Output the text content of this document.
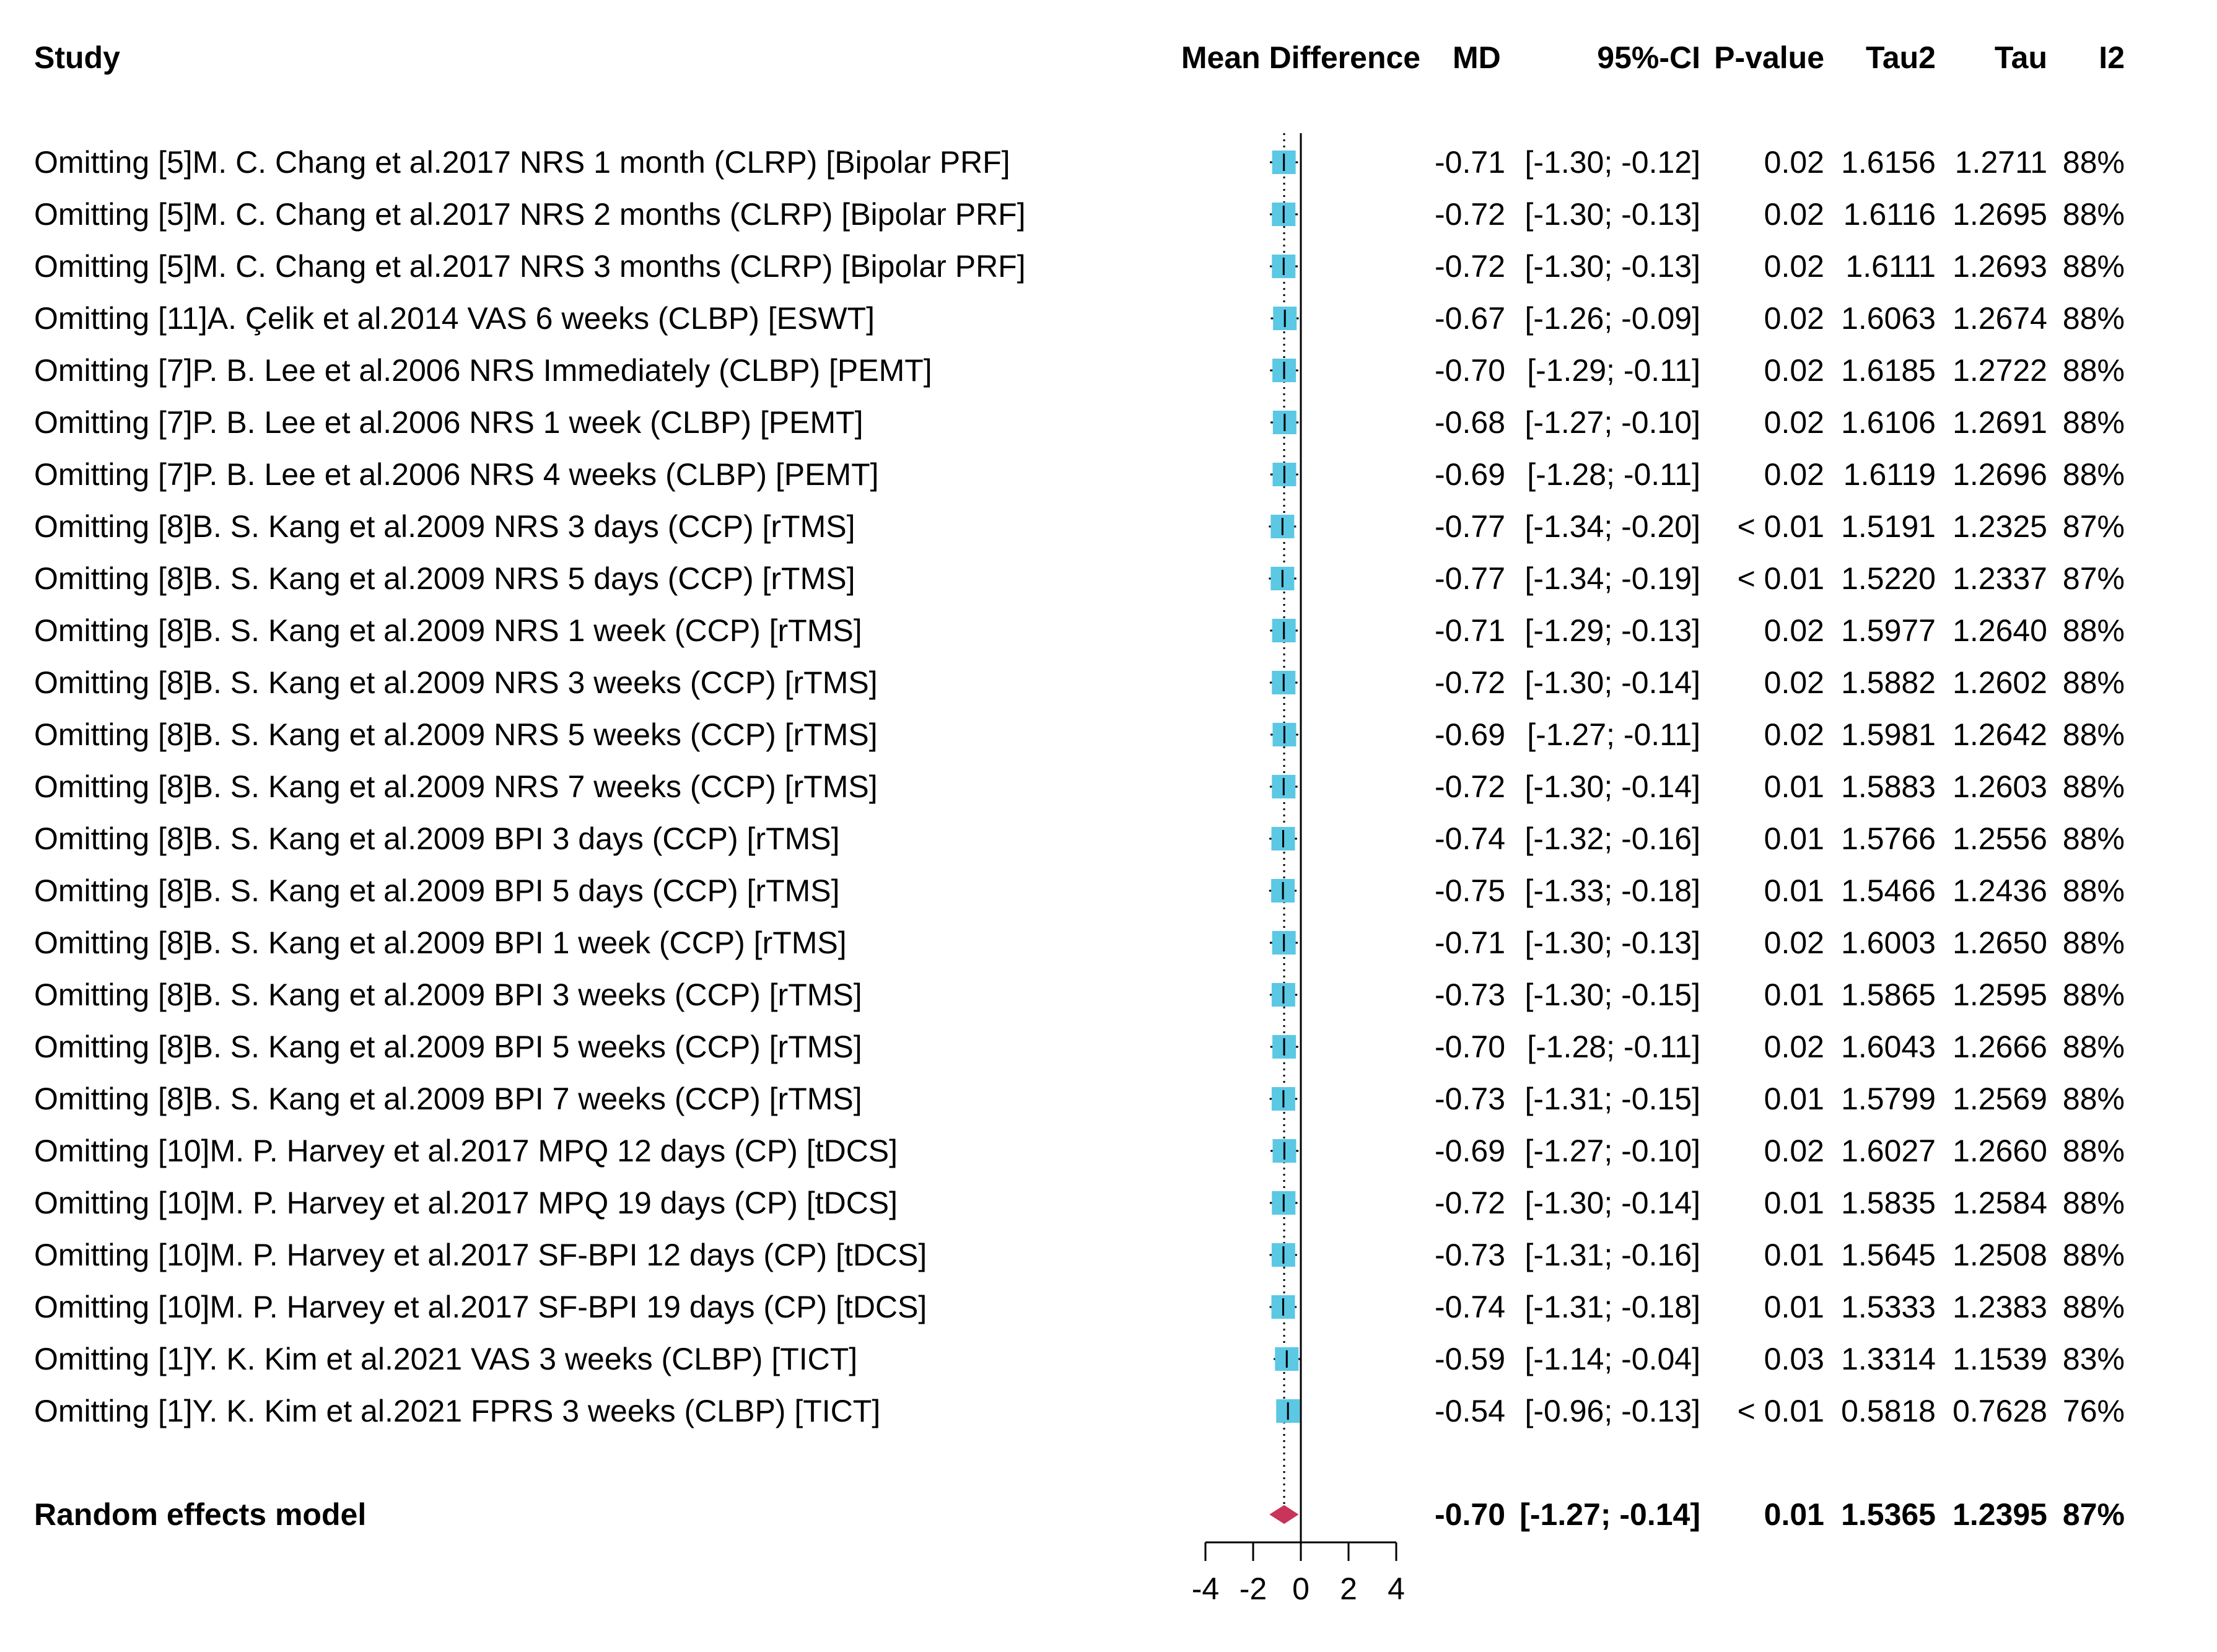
Study	Mean Difference MD	95%-CI P-value Tau2 Tau I2
Omitting [5]M. C. Chang et al.2017 NRS 1 month (CLRP) [Bipolar PRF]	-0.71 [-1.30; -0.12] 0.02 1.6156 1.2711 88%
Omitting [5]M. C. Chang et al.2017 NRS 2 months (CLRP) [Bipolar PRF]	-0.72 [-1.30; -0.13] 0.02 1.6116 1.2695 88%
Omitting [5]M. C. Chang et al.2017 NRS 3 months (CLRP) [Bipolar PRF]	-0.72 [-1.30; -0.13] 0.02 1.6111 1.2693 88%
Omitting [11]A. Çelik et al.2014 VAS 6 weeks (CLBP) [ESWT]	-0.67 [-1.26; -0.09] 0.02 1.6063 1.2674 88%
Omitting [7]P. B. Lee et al.2006 NRS Immediately (CLBP) [PEMT]	-0.70 [-1.29; -0.11] 0.02 1.6185 1.2722 88%
Omitting [7]P. B. Lee et al.2006 NRS 1 week (CLBP) [PEMT]	-0.68 [-1.27; -0.10] 0.02 1.6106 1.2691 88%
Omitting [7]P. B. Lee et al.2006 NRS 4 weeks (CLBP) [PEMT]	-0.69 [-1.28; -0.11] 0.02 1.6119 1.2696 88%
Omitting [8]B. S. Kang et al.2009 NRS 3 days (CCP) [rTMS]	-0.77 [-1.34; -0.20] < 0.01 1.5191 1.2325 87%
Omitting [8]B. S. Kang et al.2009 NRS 5 days (CCP) [rTMS]	-0.77 [-1.34; -0.19] < 0.01 1.5220 1.2337 87%
Omitting [8]B. S. Kang et al.2009 NRS 1 week (CCP) [rTMS]	-0.71 [-1.29; -0.13] 0.02 1.5977 1.2640 88%
Omitting [8]B. S. Kang et al.2009 NRS 3 weeks (CCP) [rTMS]	-0.72 [-1.30; -0.14] 0.02 1.5882 1.2602 88%
Omitting [8]B. S. Kang et al.2009 NRS 5 weeks (CCP) [rTMS]	-0.69 [-1.27; -0.11] 0.02 1.5981 1.2642 88%
Omitting [8]B. S. Kang et al.2009 NRS 7 weeks (CCP) [rTMS]	-0.72 [-1.30; -0.14] 0.01 1.5883 1.2603 88%
Omitting [8]B. S. Kang et al.2009 BPI 3 days (CCP) [rTMS]	-0.74 [-1.32; -0.16] 0.01 1.5766 1.2556 88%
Omitting [8]B. S. Kang et al.2009 BPI 5 days (CCP) [rTMS]	-0.75 [-1.33; -0.18] 0.01 1.5466 1.2436 88%
Omitting [8]B. S. Kang et al.2009 BPI 1 week (CCP) [rTMS]	-0.71 [-1.30; -0.13] 0.02 1.6003 1.2650 88%
Omitting [8]B. S. Kang et al.2009 BPI 3 weeks (CCP) [rTMS]	-0.73 [-1.30; -0.15] 0.01 1.5865 1.2595 88%
Omitting [8]B. S. Kang et al.2009 BPI 5 weeks (CCP) [rTMS]	-0.70 [-1.28; -0.11] 0.02 1.6043 1.2666 88%
Omitting [8]B. S. Kang et al.2009 BPI 7 weeks (CCP) [rTMS]	-0.73 [-1.31; -0.15] 0.01 1.5799 1.2569 88%
Omitting [10]M. P. Harvey et al.2017 MPQ 12 days (CP) [tDCS]	-0.69 [-1.27; -0.10] 0.02 1.6027 1.2660 88%
Omitting [10]M. P. Harvey et al.2017 MPQ 19 days (CP) [tDCS]	-0.72 [-1.30; -0.14] 0.01 1.5835 1.2584 88%
Omitting [10]M. P. Harvey et al.2017 SF-BPI 12 days (CP) [tDCS]	-0.73 [-1.31; -0.16] 0.01 1.5645 1.2508 88%
Omitting [10]M. P. Harvey et al.2017 SF-BPI 19 days (CP) [tDCS]	-0.74 [-1.31; -0.18] 0.01 1.5333 1.2383 88%
Omitting [1]Y. K. Kim et al.2021 VAS 3 weeks (CLBP) [TICT]	-0.59 [-1.14; -0.04] 0.03 1.3314 1.1539 83%
Omitting [1]Y. K. Kim et al.2021 FPRS 3 weeks (CLBP) [TICT]	-0.54 [-0.96; -0.13] < 0.01 0.5818 0.7628 76%
Random effects model	-0.70 [-1.27; -0.14] 0.01 1.5365 1.2395 87%
-4 -2 0 2 4
